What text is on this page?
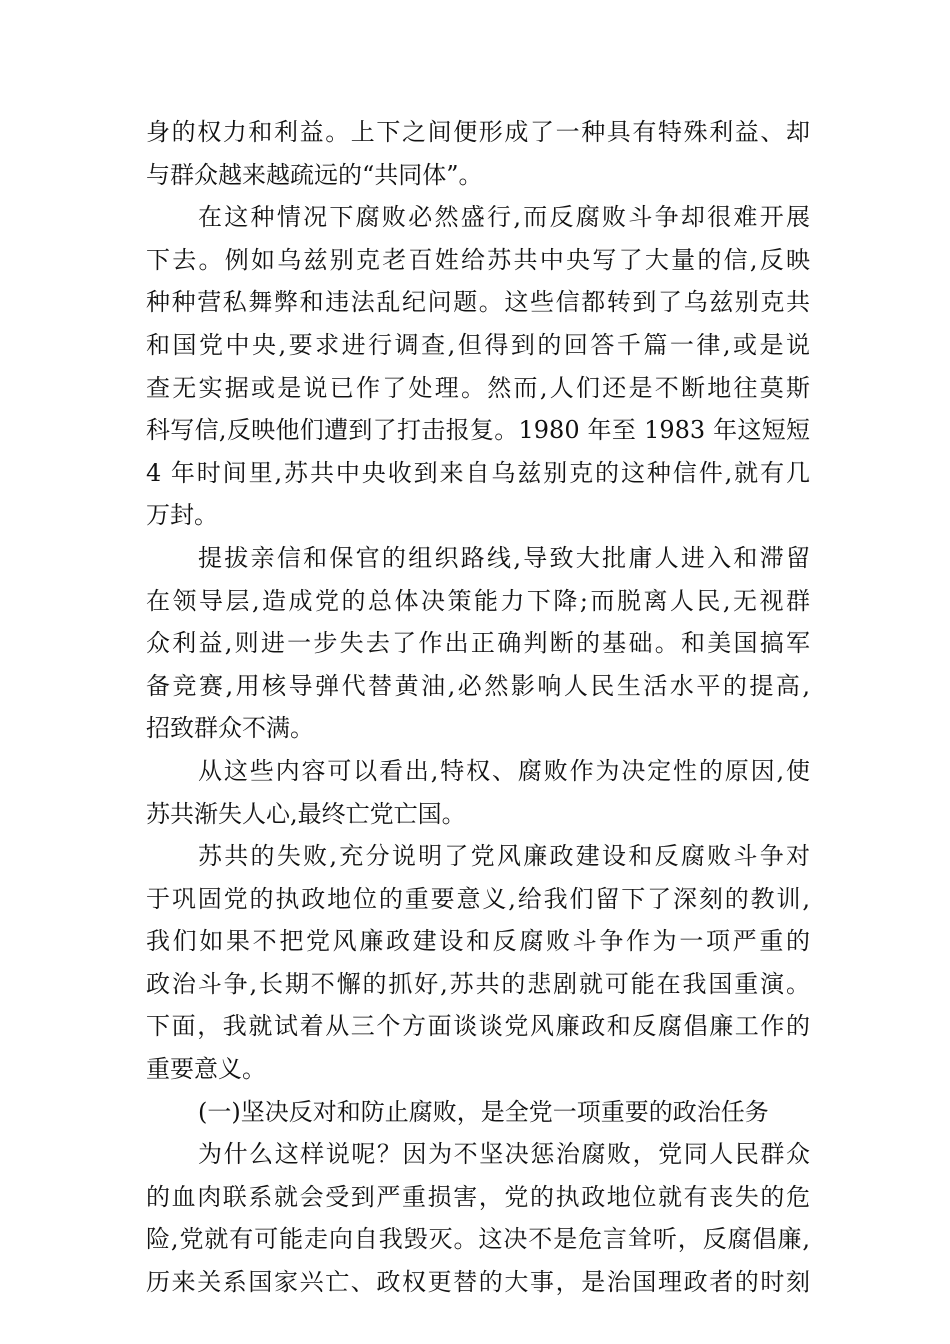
身的权力和利益。上下之间便形成了一种具有特殊利益、却
与群众越来越疏远的“共同体”。
在这种情况下腐败必然盛行,而反腐败斗争却很难开展
下去。例如乌兹别克老百姓给苏共中央写了大量的信,反映
种种营私舞弊和违法乱纪问题。这些信都转到了乌兹别克共
和国党中央,要求进行调查,但得到的回答千篇一律,或是说
查无实据或是说已作了处理。然而,人们还是不断地往莫斯
科写信,反映他们遭到了打击报复。1980 年至 1983 年这短短
4 年时间里,苏共中央收到来自乌兹别克的这种信件,就有几
万封。
提拔亲信和保官的组织路线,导致大批庸人进入和滞留
在领导层,造成党的总体决策能力下降;而脱离人民,无视群
众利益,则进一步失去了作出正确判断的基础。和美国搞军
备竞赛,用核导弹代替黄油,必然影响人民生活水平的提高,
招致群众不满。
从这些内容可以看出,特权、腐败作为决定性的原因,使
苏共渐失人心,最终亡党亡国。
苏共的失败,充分说明了党风廉政建设和反腐败斗争对
于巩固党的执政地位的重要意义,给我们留下了深刻的教训,
我们如果不把党风廉政建设和反腐败斗争作为一项严重的
政治斗争,长期不懈的抓好,苏共的悲剧就可能在我国重演。
下面，我就试着从三个方面谈谈党风廉政和反腐倡廉工作的
重要意义。
(一)坚决反对和防止腐败，是全党一项重要的政治任务
为什么这样说呢？因为不坚决惩治腐败，党同人民群众
的血肉联系就会受到严重损害，党的执政地位就有丧失的危
险,党就有可能走向自我毁灭。这决不是危言耸听，反腐倡廉,
历来关系国家兴亡、政权更替的大事，是治国理政者的时刻
